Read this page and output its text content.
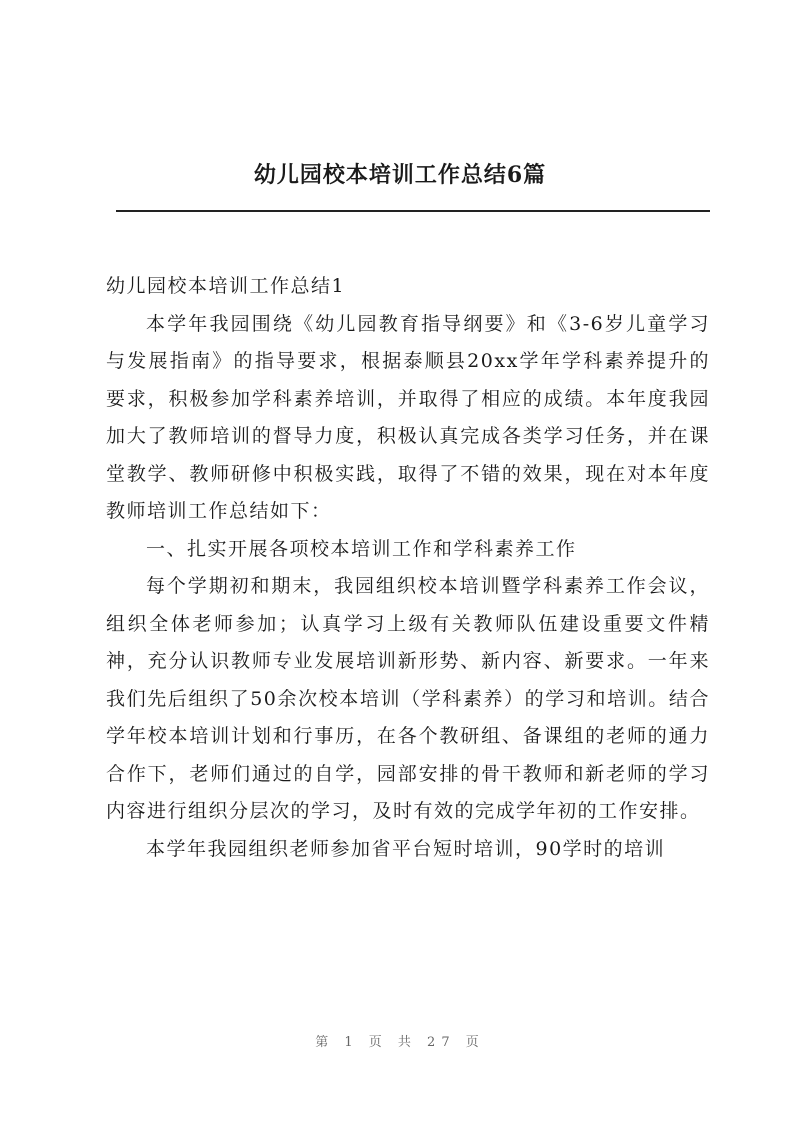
幼儿园校本培训工作总结6篇

幼儿园校本培训工作总结1

本学年我园围绕《幼儿园教育指导纲要》和《3-6岁儿童学习与发展指南》的指导要求，根据泰顺县20xx学年学科素养提升的要求，积极参加学科素养培训，并取得了相应的成绩。本年度我园加大了教师培训的督导力度，积极认真完成各类学习任务，并在课堂教学、教师研修中积极实践，取得了不错的效果，现在对本年度教师培训工作总结如下：

一、扎实开展各项校本培训工作和学科素养工作

每个学期初和期末，我园组织校本培训暨学科素养工作会议，组织全体老师参加；认真学习上级有关教师队伍建设重要文件精神，充分认识教师专业发展培训新形势、新内容、新要求。一年来我们先后组织了50余次校本培训（学科素养）的学习和培训。结合学年校本培训计划和行事历，在各个教研组、备课组的老师的通力合作下，老师们通过的自学，园部安排的骨干教师和新老师的学习内容进行组织分层次的学习，及时有效的完成学年初的工作安排。

本学年我园组织老师参加省平台短时培训，90学时的培训

第 1 页 共 27 页
